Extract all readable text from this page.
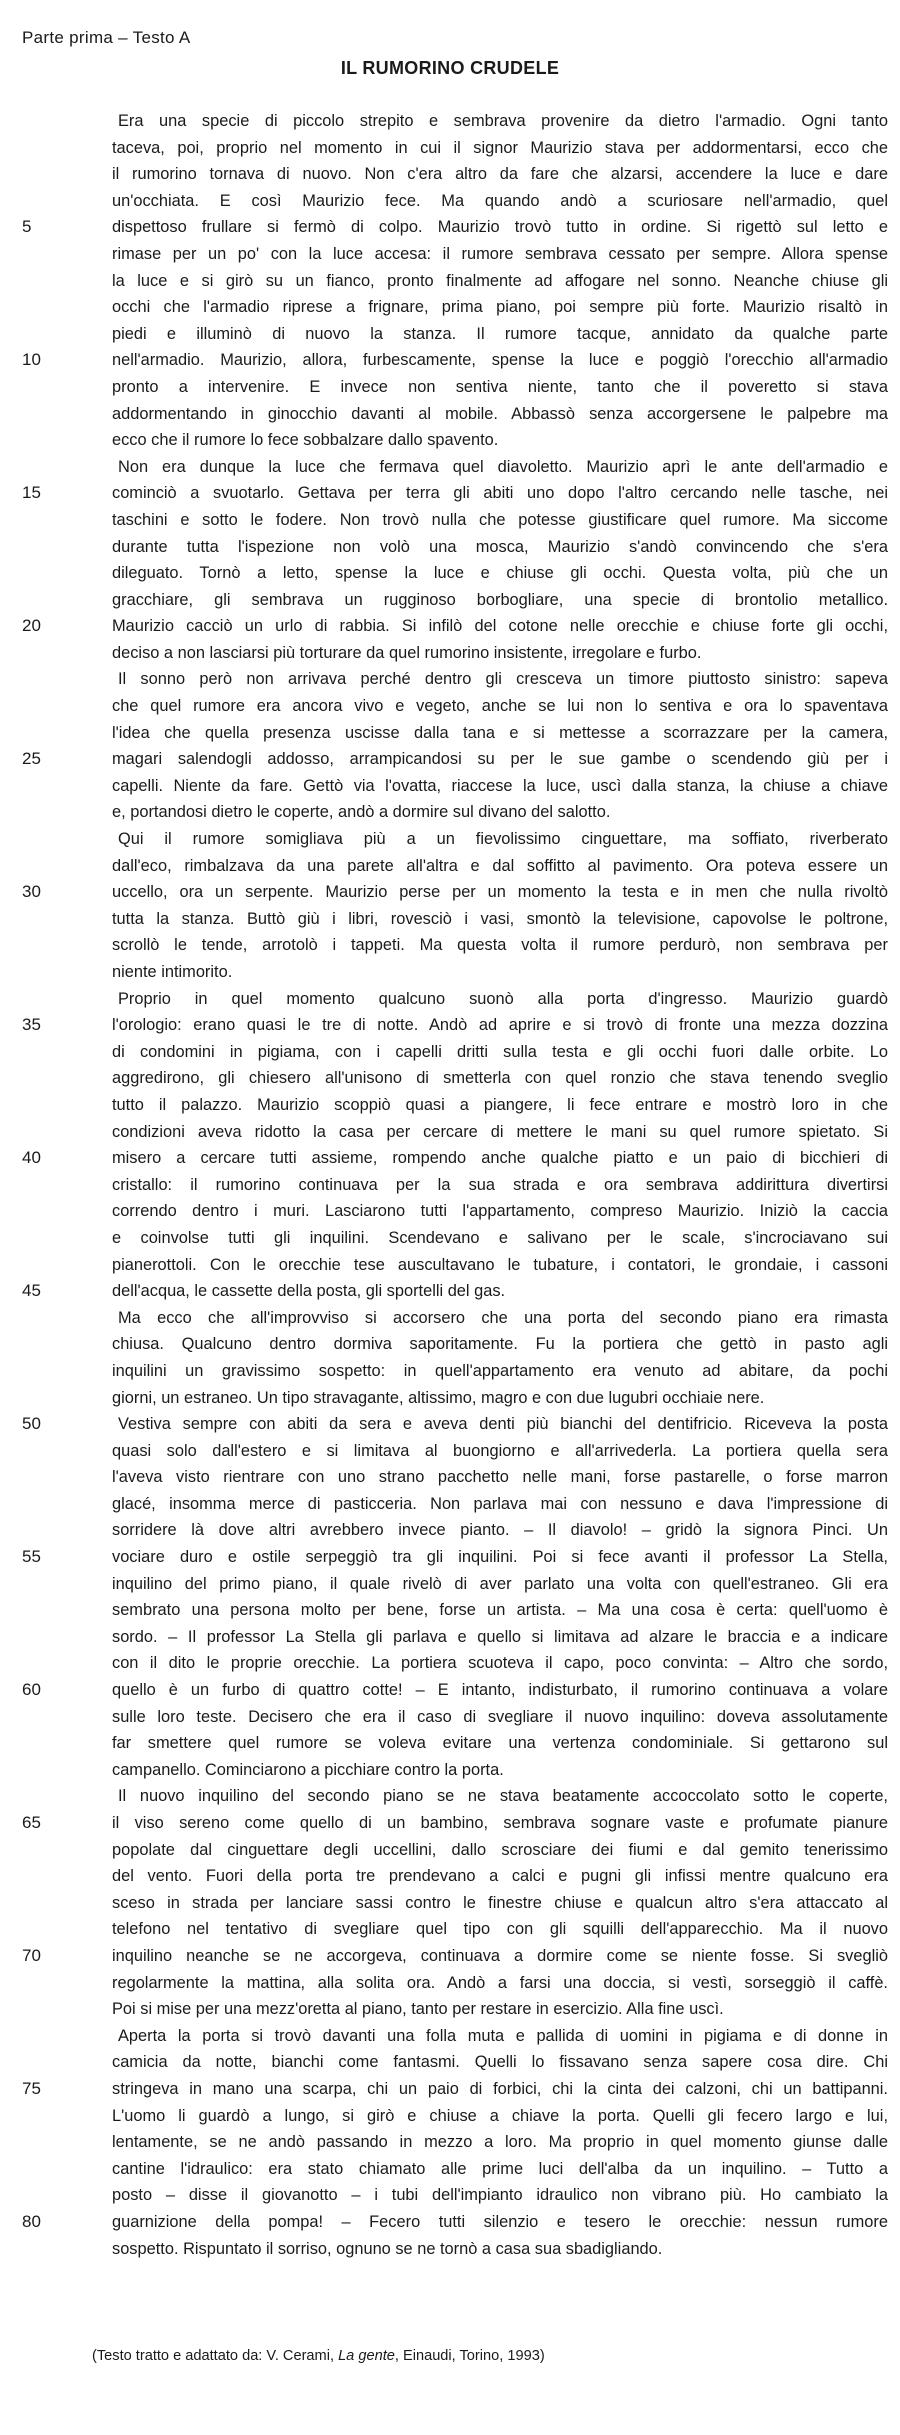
Parte prima – Testo A
IL RUMORINO CRUDELE
Era una specie di piccolo strepito e sembrava provenire da dietro l'armadio. Ogni tanto
taceva, poi, proprio nel momento in cui il signor Maurizio stava per addormentarsi, ecco che
il rumorino tornava di nuovo. Non c'era altro da fare che alzarsi, accendere la luce e dare
un'occhiata. E così Maurizio fece. Ma quando andò a scuriosare nell'armadio, quel
5	dispettoso frullare si fermò di colpo. Maurizio trovò tutto in ordine. Si rigettò sul letto e
rimase per un po' con la luce accesa: il rumore sembrava cessato per sempre. Allora spense
la luce e si girò su un fianco, pronto finalmente ad affogare nel sonno. Neanche chiuse gli
occhi che l'armadio riprese a frignare, prima piano, poi sempre più forte. Maurizio risaltò in
piedi e illuminò di nuovo la stanza. Il rumore tacque, annidato da qualche parte
10	nell'armadio. Maurizio, allora, furbescamente, spense la luce e poggiò l'orecchio all'armadio
pronto a intervenire. E invece non sentiva niente, tanto che il poveretto si stava
addormentando in ginocchio davanti al mobile. Abbassò senza accorgersene le palpebre ma
ecco che il rumore lo fece sobbalzare dallo spavento.
Non era dunque la luce che fermava quel diavoletto. Maurizio aprì le ante dell'armadio e
15	cominciò a svuotarlo. Gettava per terra gli abiti uno dopo l'altro cercando nelle tasche, nei
taschini e sotto le fodere. Non trovò nulla che potesse giustificare quel rumore. Ma siccome
durante tutta l'ispezione non volò una mosca, Maurizio s'andò convincendo che s'era
dileguato. Tornò a letto, spense la luce e chiuse gli occhi. Questa volta, più che un
gracchiare, gli sembrava un rugginoso borbogliare, una specie di brontolio metallico.
20	Maurizio cacciò un urlo di rabbia. Si infilò del cotone nelle orecchie e chiuse forte gli occhi,
deciso a non lasciarsi più torturare da quel rumorino insistente, irregolare e furbo.
Il sonno però non arrivava perché dentro gli cresceva un timore piuttosto sinistro: sapeva
che quel rumore era ancora vivo e vegeto, anche se lui non lo sentiva e ora lo spaventava
l'idea che quella presenza uscisse dalla tana e si mettesse a scorrazzare per la camera,
25	magari salendogli addosso, arrampicandosi su per le sue gambe o scendendo giù per i
capelli. Niente da fare. Gettò via l'ovatta, riaccese la luce, uscì dalla stanza, la chiuse a chiave
e, portandosi dietro le coperte, andò a dormire sul divano del salotto.
Qui il rumore somigliava più a un fievolissimo cinguettare, ma soffiato, riverberato
dall'eco, rimbalzava da una parete all'altra e dal soffitto al pavimento. Ora poteva essere un
30	uccello, ora un serpente. Maurizio perse per un momento la testa e in men che nulla rivoltò
tutta la stanza. Buttò giù i libri, rovesciò i vasi, smontò la televisione, capovolse le poltrone,
scrollò le tende, arrotolò i tappeti. Ma questa volta il rumore perdurò, non sembrava per
niente intimorito.
Proprio in quel momento qualcuno suonò alla porta d'ingresso. Maurizio guardò
35	l'orologio: erano quasi le tre di notte. Andò ad aprire e si trovò di fronte una mezza dozzina
di condomini in pigiama, con i capelli dritti sulla testa e gli occhi fuori dalle orbite. Lo
aggredirono, gli chiesero all'unisono di smetterla con quel ronzio che stava tenendo sveglio
tutto il palazzo. Maurizio scoppiò quasi a piangere, li fece entrare e mostrò loro in che
condizioni aveva ridotto la casa per cercare di mettere le mani su quel rumore spietato. Si
40	misero a cercare tutti assieme, rompendo anche qualche piatto e un paio di bicchieri di
cristallo: il rumorino continuava per la sua strada e ora sembrava addirittura divertirsi
correndo dentro i muri. Lasciarono tutti l'appartamento, compreso Maurizio. Iniziò la caccia
e coinvolse tutti gli inquilini. Scendevano e salivano per le scale, s'incrociavano sui
pianerottoli. Con le orecchie tese auscultavano le tubature, i contatori, le grondaie, i cassoni
45	dell'acqua, le cassette della posta, gli sportelli del gas.
Ma ecco che all'improvviso si accorsero che una porta del secondo piano era rimasta
chiusa. Qualcuno dentro dormiva saporitamente. Fu la portiera che gettò in pasto agli
inquilini un gravissimo sospetto: in quell'appartamento era venuto ad abitare, da pochi
giorni, un estraneo. Un tipo stravagante, altissimo, magro e con due lugubri occhiaie nere.
50	Vestiva sempre con abiti da sera e aveva denti più bianchi del dentifricio. Riceveva la posta
quasi solo dall'estero e si limitava al buongiorno e all'arrivederla. La portiera quella sera
l'aveva visto rientrare con uno strano pacchetto nelle mani, forse pastarelle, o forse marron
glacé, insomma merce di pasticceria. Non parlava mai con nessuno e dava l'impressione di
sorridere là dove altri avrebbero invece pianto. – Il diavolo! – gridò la signora Pinci. Un
55	vociare duro e ostile serpeggiò tra gli inquilini. Poi si fece avanti il professor La Stella,
inquilino del primo piano, il quale rivelò di aver parlato una volta con quell'estraneo. Gli era
sembrato una persona molto per bene, forse un artista. – Ma una cosa è certa: quell'uomo è
sordo. – Il professor La Stella gli parlava e quello si limitava ad alzare le braccia e a indicare
con il dito le proprie orecchie. La portiera scuoteva il capo, poco convinta: – Altro che sordo,
60	quello è un furbo di quattro cotte! – E intanto, indisturbato, il rumorino continuava a volare
sulle loro teste. Decisero che era il caso di svegliare il nuovo inquilino: doveva assolutamente
far smettere quel rumore se voleva evitare una vertenza condominiale. Si gettarono sul
campanello. Cominciarono a picchiare contro la porta.
Il nuovo inquilino del secondo piano se ne stava beatamente accoccolato sotto le coperte,
65	il viso sereno come quello di un bambino, sembrava sognare vaste e profumate pianure
popolate dal cinguettare degli uccellini, dallo scrosciare dei fiumi e dal gemito tenerissimo
del vento. Fuori della porta tre prendevano a calci e pugni gli infissi mentre qualcuno era
sceso in strada per lanciare sassi contro le finestre chiuse e qualcun altro s'era attaccato al
telefono nel tentativo di svegliare quel tipo con gli squilli dell'apparecchio. Ma il nuovo
70	inquilino neanche se ne accorgeva, continuava a dormire come se niente fosse. Si svegliò
regolarmente la mattina, alla solita ora. Andò a farsi una doccia, si vestì, sorseggiò il caffè.
Poi si mise per una mezz'oretta al piano, tanto per restare in esercizio. Alla fine uscì.
Aperta la porta si trovò davanti una folla muta e pallida di uomini in pigiama e di donne in
camicia da notte, bianchi come fantasmi. Quelli lo fissavano senza sapere cosa dire. Chi
75	stringeva in mano una scarpa, chi un paio di forbici, chi la cinta dei calzoni, chi un battipanni.
L'uomo li guardò a lungo, si girò e chiuse a chiave la porta. Quelli gli fecero largo e lui,
lentamente, se ne andò passando in mezzo a loro. Ma proprio in quel momento giunse dalle
cantine l'idraulico: era stato chiamato alle prime luci dell'alba da un inquilino. – Tutto a
posto – disse il giovanotto – i tubi dell'impianto idraulico non vibrano più. Ho cambiato la
80	guarnizione della pompa! – Fecero tutti silenzio e tesero le orecchie: nessun rumore
sospetto. Rispuntato il sorriso, ognuno se ne tornò a casa sua sbadigliando.
(Testo tratto e adattato da: V. Cerami, La gente, Einaudi, Torino, 1993)
